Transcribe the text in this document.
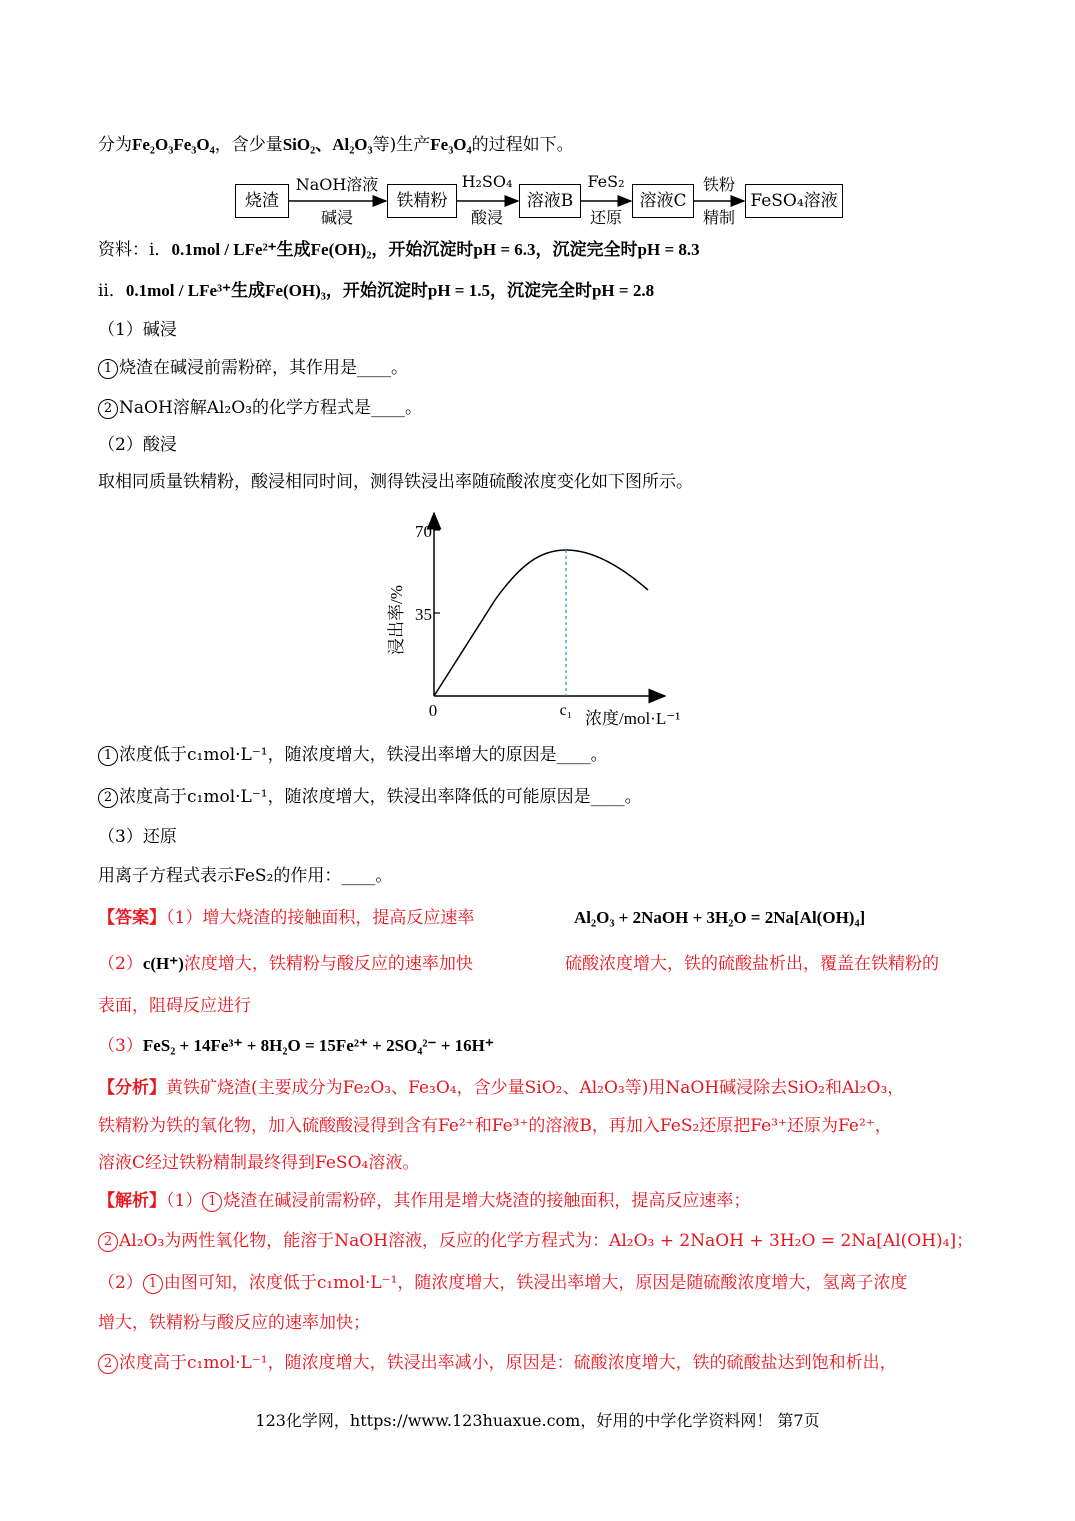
分为Fe₂O₃Fe₃O₄，含少量SiO₂、Al₂O₃等)生产Fe₃O₄的过程如下。
烧渣	铁精粉	溶液B	溶液C	FeSO₄溶液
NaOH溶液
碱浸
H₂SO₄
酸浸
FeS₂
还原
铁粉
精制
资料：i．0.1mol / LFe²⁺生成Fe(OH)₂，开始沉淀时pH = 6.3，沉淀完全时pH = 8.3
ii．0.1mol / LFe³⁺生成Fe(OH)₃，开始沉淀时pH = 1.5，沉淀完全时pH = 2.8
（1）碱浸
1 烧渣在碱浸前需粉碎，其作用是____。
2 NaOH溶解Al₂O₃的化学方程式是____。
（2）酸浸
取相同质量铁精粉，酸浸相同时间，测得铁浸出率随硫酸浓度变化如下图所示。
70
35
0	c₁ 浓度/mol·L⁻¹
浸出率/%
1 浓度低于c₁mol·L⁻¹，随浓度增大，铁浸出率增大的原因是____。
2 浓度高于c₁mol·L⁻¹，随浓度增大，铁浸出率降低的可能原因是____。
（3）还原
用离子方程式表示FeS₂的作用：____。
【答案】（1）增大烧渣的接触面积，提高反应速率	Al₂O₃ + 2NaOH + 3H₂O = 2Na[Al(OH)₄]
（2）c(H⁺)浓度增大，铁精粉与酸反应的速率加快	硫酸浓度增大，铁的硫酸盐析出，覆盖在铁精粉的
表面，阻碍反应进行
（3）FeS₂ + 14Fe³⁺ + 8H₂O = 15Fe²⁺ + 2SO₄²⁻ + 16H⁺
【分析】黄铁矿烧渣(主要成分为Fe₂O₃、Fe₃O₄，含少量SiO₂、Al₂O₃等)用NaOH碱浸除去SiO₂和Al₂O₃，
铁精粉为铁的氧化物，加入硫酸酸浸得到含有Fe²⁺和Fe³⁺的溶液B，再加入FeS₂还原把Fe³⁺还原为Fe²⁺，
溶液C经过铁粉精制最终得到FeSO₄溶液。
【解析】（1） 1 烧渣在碱浸前需粉碎，其作用是增大烧渣的接触面积，提高反应速率；
2 Al₂O₃为两性氧化物，能溶于NaOH溶液，反应的化学方程式为：Al₂O₃ + 2NaOH + 3H₂O = 2Na[Al(OH)₄]；
（2） 1 由图可知，浓度低于c₁mol·L⁻¹，随浓度增大，铁浸出率增大，原因是随硫酸浓度增大，氢离子浓度
增大，铁精粉与酸反应的速率加快；
2 浓度高于c₁mol·L⁻¹，随浓度增大，铁浸出率减小，原因是：硫酸浓度增大，铁的硫酸盐达到饱和析出，
123化学网，https://www.123huaxue.com，好用的中学化学资料网！ 第7页
